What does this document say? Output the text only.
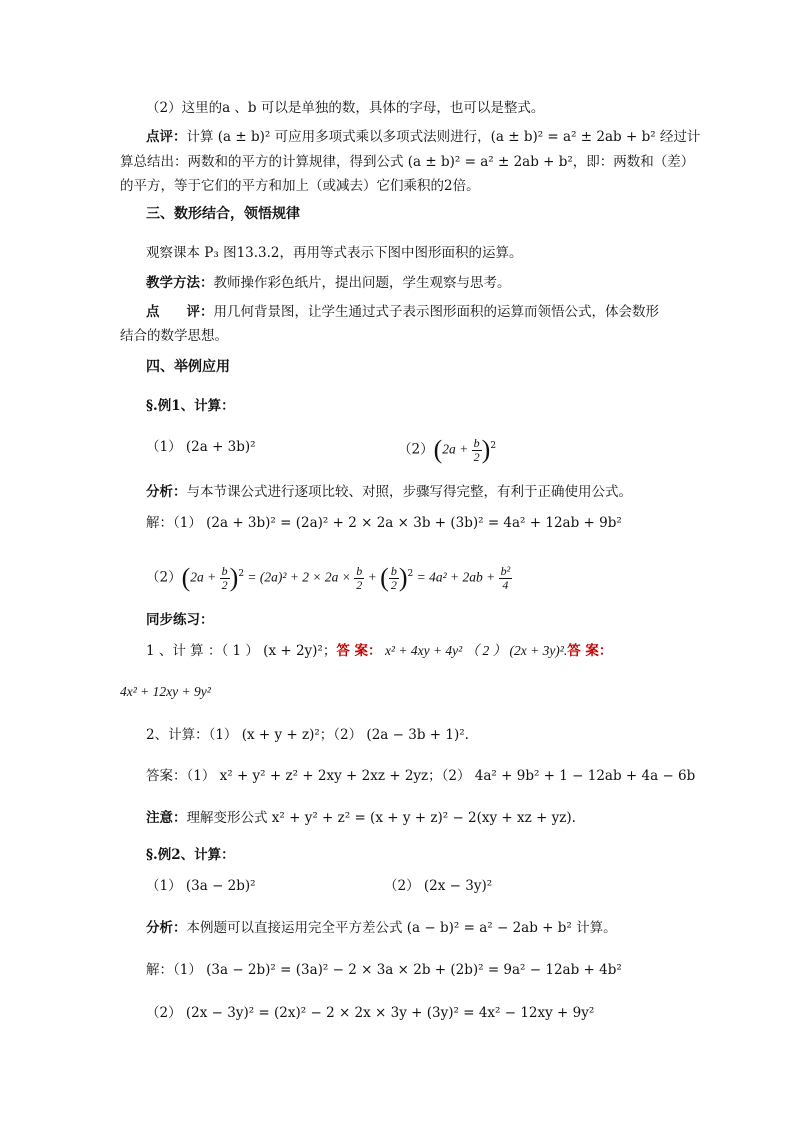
（2）这里的a 、b 可以是单独的数，具体的字母，也可以是整式。
点评：计算 (a ± b)² 可应用多项式乘以多项式法则进行，(a ± b)² = a² ± 2ab + b² 经过计
算总结出：两数和的平方的计算规律，得到公式 (a ± b)² = a² ± 2ab + b²，即：两数和（差）
的平方，等于它们的平方和加上（或减去）它们乘积的2倍。
三、数形结合，领悟规律
观察课本 P₃ 图13.3.2，再用等式表示下图中图形面积的运算。
教学方法：教师操作彩色纸片，提出问题，学生观察与思考。
点　　评：用几何背景图，让学生通过式子表示图形面积的运算而领悟公式，体会数形
结合的数学思想。
四、举例应用
§.例1、计算：
（1） (2a + 3b)²	$(2)(2a + \frac{b}{2} )^2$
分析：与本节课公式进行逐项比较、对照，步骤写得完整，有利于正确使用公式。
解：（1） (2a + 3b)² = (2a)² + 2 × 2a × 3b + (3b)² = 4a² + 12ab + 9b²
$(2)(2a + \frac{b}{2} )^2 = (2a)^2 + 2 \times 2a \times \frac{b}{2}$ + ( $\frac{b}{2} )^2 = 4a^2 + 2ab + \frac{\text{b²}}{4}$
同步练习：
1 、计 算 ：（ 1 ） (x + 2y)²；答 案： x² + 4xy + 4y² （ 2 ） (2x + 3y)².答 案：
4x² + 12xy + 9y²
2、计算：（1） (x + y + z)²；（2） (2a − 3b + 1)².
答案：（1） x² + y² + z² + 2xy + 2xz + 2yz；（2） 4a² + 9b² + 1 − 12ab + 4a − 6b
注意：理解变形公式 x² + y² + z² = (x + y + z)² − 2(xy + xz + yz).
§.例2、计算：
（1） (3a − 2b)²	（2） (2x − 3y)²
分析：本例题可以直接运用完全平方差公式 (a − b)² = a² − 2ab + b² 计算。
解：（1） (3a − 2b)² = (3a)² − 2 × 3a × 2b + (2b)² = 9a² − 12ab + 4b²
（2） (2x − 3y)² = (2x)² − 2 × 2x × 3y + (3y)² = 4x² − 12xy + 9y²
